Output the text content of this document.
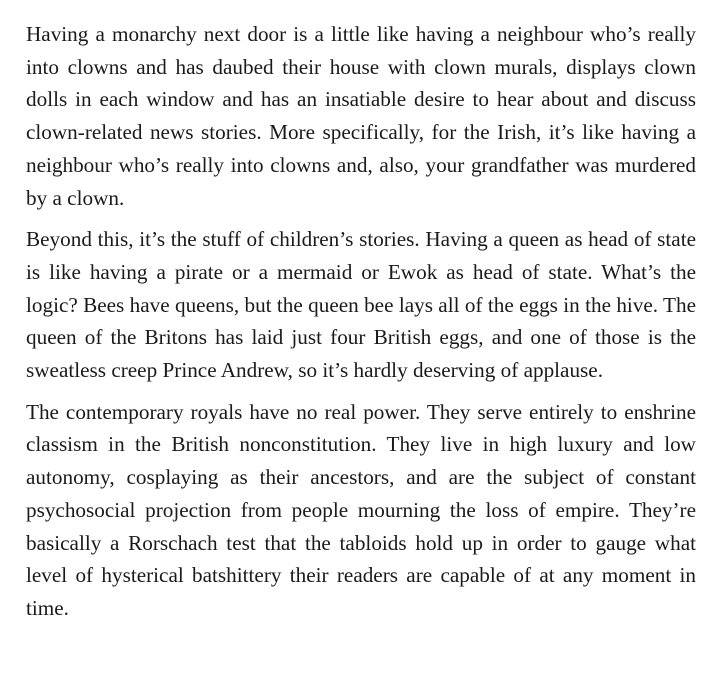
Having a monarchy next door is a little like having a neighbour who’s really into clowns and has daubed their house with clown murals, displays clown dolls in each window and has an insatiable desire to hear about and discuss clown-related news stories. More specifically, for the Irish, it’s like having a neighbour who’s really into clowns and, also, your grandfather was murdered by a clown.

Beyond this, it’s the stuff of children’s stories. Having a queen as head of state is like having a pirate or a mermaid or Ewok as head of state. What’s the logic? Bees have queens, but the queen bee lays all of the eggs in the hive. The queen of the Britons has laid just four British eggs, and one of those is the sweatless creep Prince Andrew, so it’s hardly deserving of applause.

The contemporary royals have no real power. They serve entirely to enshrine classism in the British nonconstitution. They live in high luxury and low autonomy, cosplaying as their ancestors, and are the subject of constant psychosocial projection from people mourning the loss of empire. They’re basically a Rorschach test that the tabloids hold up in order to gauge what level of hysterical batshittery their readers are capable of at any moment in time.
